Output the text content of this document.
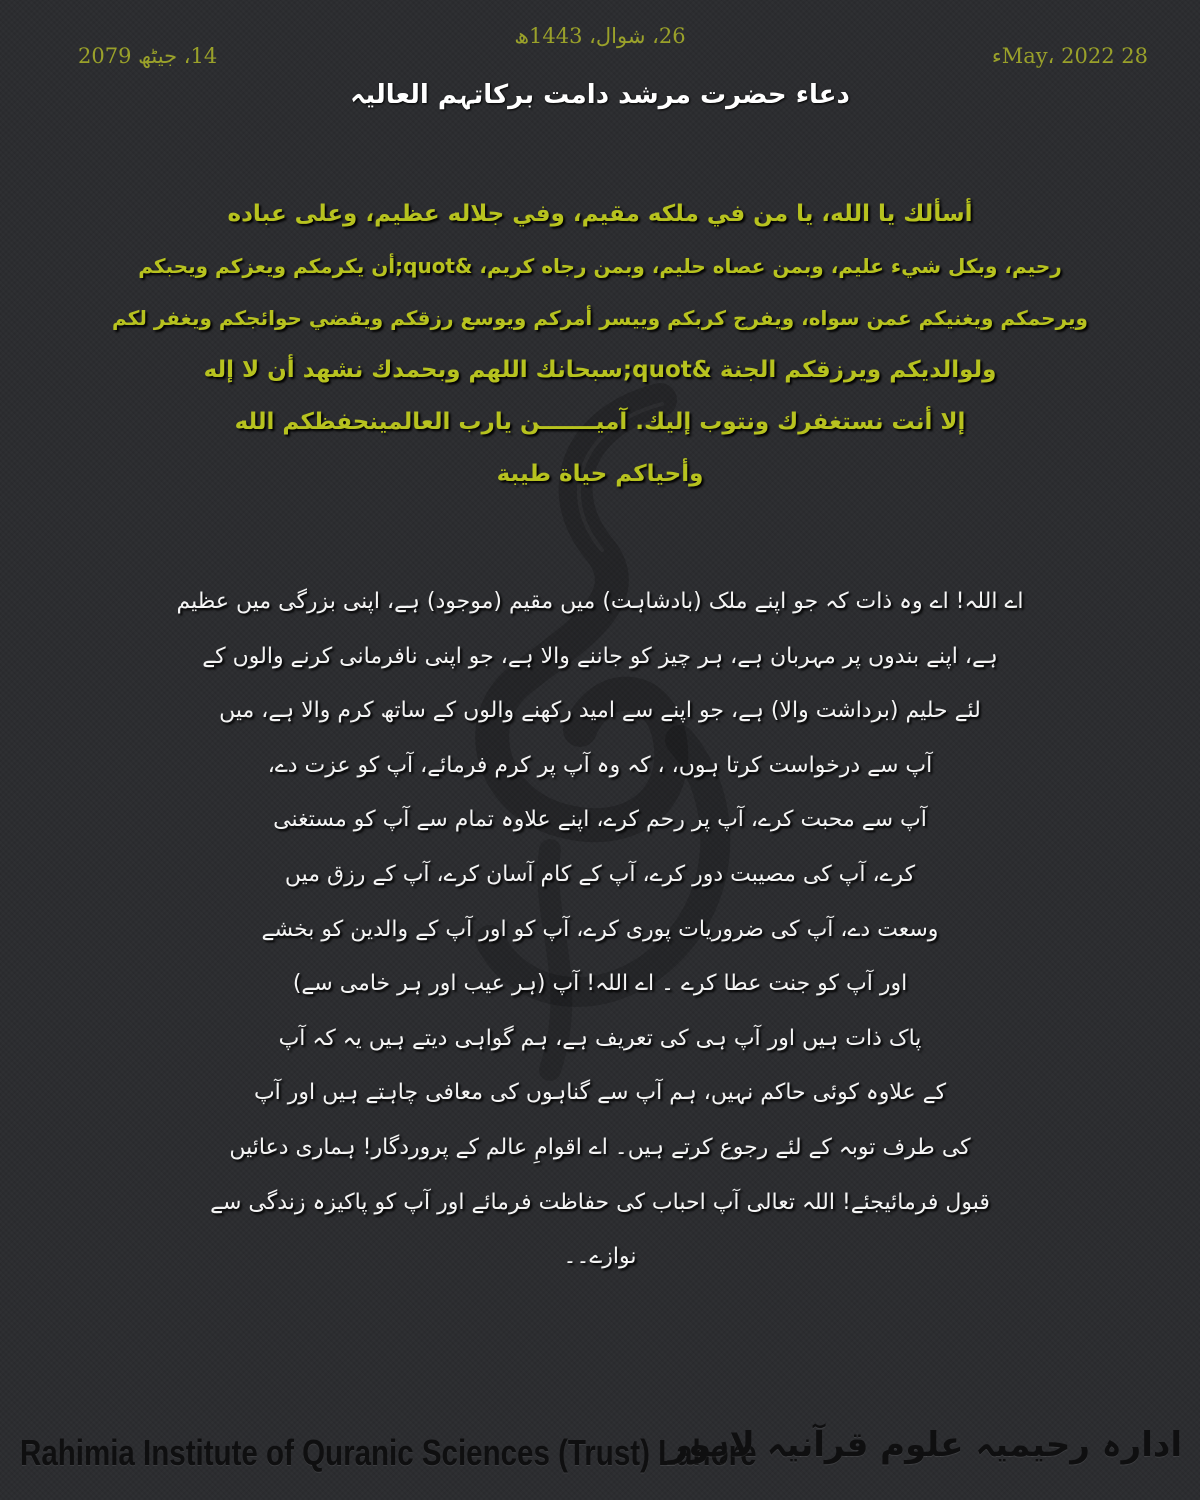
26، شوال، 1443ھ
14، جیٹھ 2079	28 May، 2022ء
دعاء حضرت مرشد دامت برکاتہم العالیہ
أسألك يا الله، يا من في ملكه مقيم، وفي جلاله عظيم، وعلى عباده
رحيم، وبكل شيء عليم، وبمن عصاه حليم، وبمن رجاه كريم، &quot;أن يكرمكم ويعزكم ويحبكم
ويرحمكم ويغنيكم عمن سواه، ويفرج كربكم وييسر أمركم ويوسع رزقكم ويقضي حوائجكم ويغفر لكم
ولوالديكم ويرزقكم الجنة &quot;سبحانك اللهم وبحمدك نشهد أن لا إله
إلا أنت نستغفرك ونتوب إليك. آميـــــــن يارب العالمينحفظكم الله
وأحياكم حياة طيبة
اے اللہ! اے وہ ذات کہ جو اپنے ملک (بادشاہت) میں مقیم (موجود) ہے، اپنی بزرگی میں عظیم
ہے، اپنے بندوں پر مہربان ہے، ہر چیز کو جاننے والا ہے، جو اپنی نافرمانی کرنے والوں کے
لئے حلیم (برداشت والا) ہے، جو اپنے سے امید رکھنے والوں کے ساتھ کرم والا ہے، میں
آپ سے درخواست کرتا ہوں، ، کہ وہ آپ پر کرم فرمائے، آپ کو عزت دے،
آپ سے محبت کرے، آپ پر رحم کرے، اپنے علاوہ تمام سے آپ کو مستغنی
کرے، آپ کی مصیبت دور کرے، آپ کے کام آسان کرے، آپ کے رزق میں
وسعت دے، آپ کی ضروریات پوری کرے، آپ کو اور آپ کے والدین کو بخشے
اور آپ کو جنت عطا کرے ۔ اے اللہ! آپ (ہر عیب اور ہر خامی سے)
پاک ذات ہیں اور آپ ہی کی تعریف ہے، ہم گواہی دیتے ہیں یہ کہ آپ
کے علاوہ کوئی حاکم نہیں، ہم آپ سے گناہوں کی معافی چاہتے ہیں اور آپ
کی طرف توبہ کے لئے رجوع کرتے ہیں۔ اے اقوامِ عالم کے پروردگار! ہماری دعائیں
قبول فرمائیجئے! اللہ تعالی آپ احباب کی حفاظت فرمائے اور آپ کو پاکیزہ زندگی سے
نوازے۔۔
Rahimia Institute of Quranic Sciences (Trust) Lahore
ادارہ رحیمیہ علوم قرآنیہ لاہور
